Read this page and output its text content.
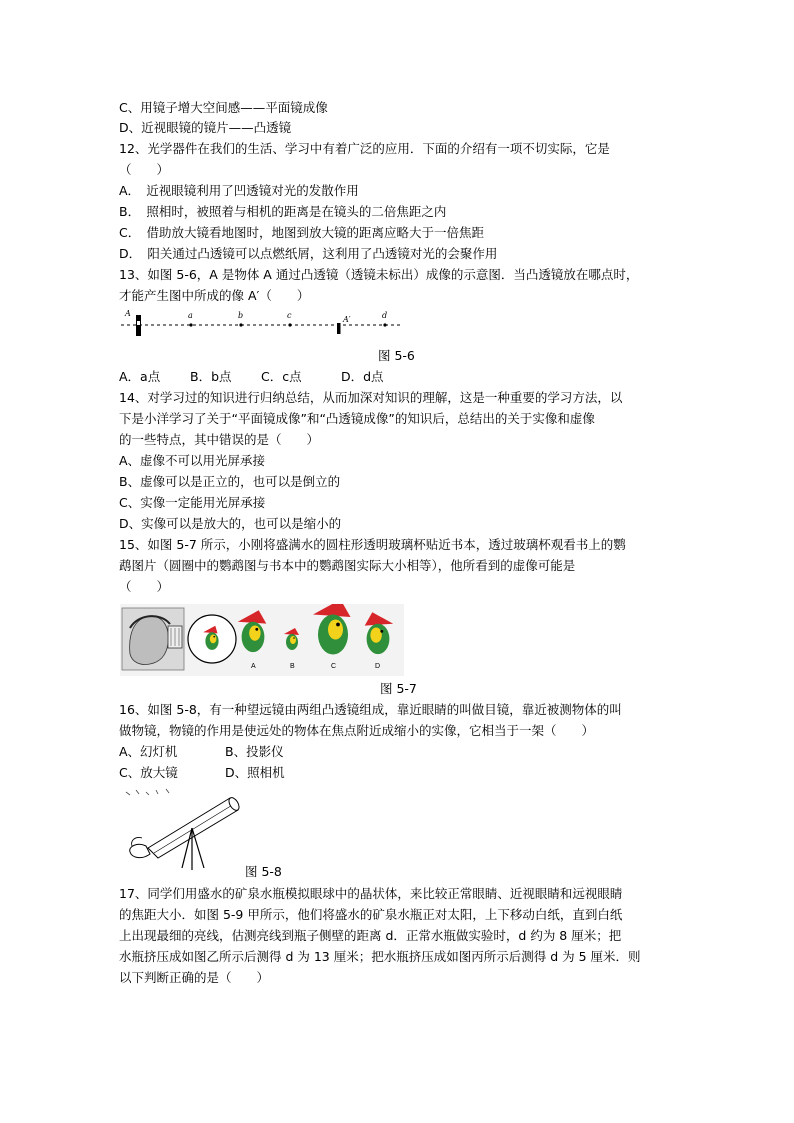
C、用镜子增大空间感——平面镜成像
D、近视眼镜的镜片——凸透镜
12、光学器件在我们的生活、学习中有着广泛的应用．下面的介绍有一项不切实际，它是
（　　）
A．　近视眼镜利用了凹透镜对光的发散作用
B．　照相时，被照着与相机的距离是在镜头的二倍焦距之内
C．　借助放大镜看地图时，地图到放大镜的距离应略大于一倍焦距
D．　阳关通过凸透镜可以点燃纸屑，这利用了凸透镜对光的会聚作用
13、如图 5-6，A 是物体 A 通过凸透镜（透镜未标出）成像的示意图．当凸透镜放在哪点时，
才能产生图中所成的像 A′（　　）
A	a	b	c	A′	d
图 5-6
A．a点 B．b点 C．c点	D．d点
14、对学习过的知识进行归纳总结，从而加深对知识的理解，这是一种重要的学习方法，以
下是小洋学习了关于“平面镜成像”和“凸透镜成像”的知识后，总结出的关于实像和虚像
的一些特点，其中错误的是（　　）
A、虚像不可以用光屏承接
B、虚像可以是正立的，也可以是倒立的
C、实像一定能用光屏承接
D、实像可以是放大的，也可以是缩小的
15、如图 5-7 所示，小刚将盛满水的圆柱形透明玻璃杯贴近书本，透过玻璃杯观看书上的鹦
鹉图片（圆圈中的鹦鹉图与书本中的鹦鹉图实际大小相等），他所看到的虚像可能是
（　　）
A	B	C	D
图 5-7
16、如图 5-8，有一种望远镜由两组凸透镜组成，靠近眼睛的叫做目镜，靠近被测物体的叫
做物镜，物镜的作用是使远处的物体在焦点附近成缩小的实像，它相当于一架（　　）
A、幻灯机	B、投影仪
C、放大镜	D、照相机
图 5-8
17、同学们用盛水的矿泉水瓶模拟眼球中的晶状体，来比较正常眼睛、近视眼睛和远视眼睛
的焦距大小．如图 5-9 甲所示，他们将盛水的矿泉水瓶正对太阳，上下移动白纸，直到白纸
上出现最细的亮线，估测亮线到瓶子侧壁的距离 d．正常水瓶做实验时，d 约为 8 厘米；把
水瓶挤压成如图乙所示后测得 d 为 13 厘米；把水瓶挤压成如图丙所示后测得 d 为 5 厘米．则
以下判断正确的是（　　）
